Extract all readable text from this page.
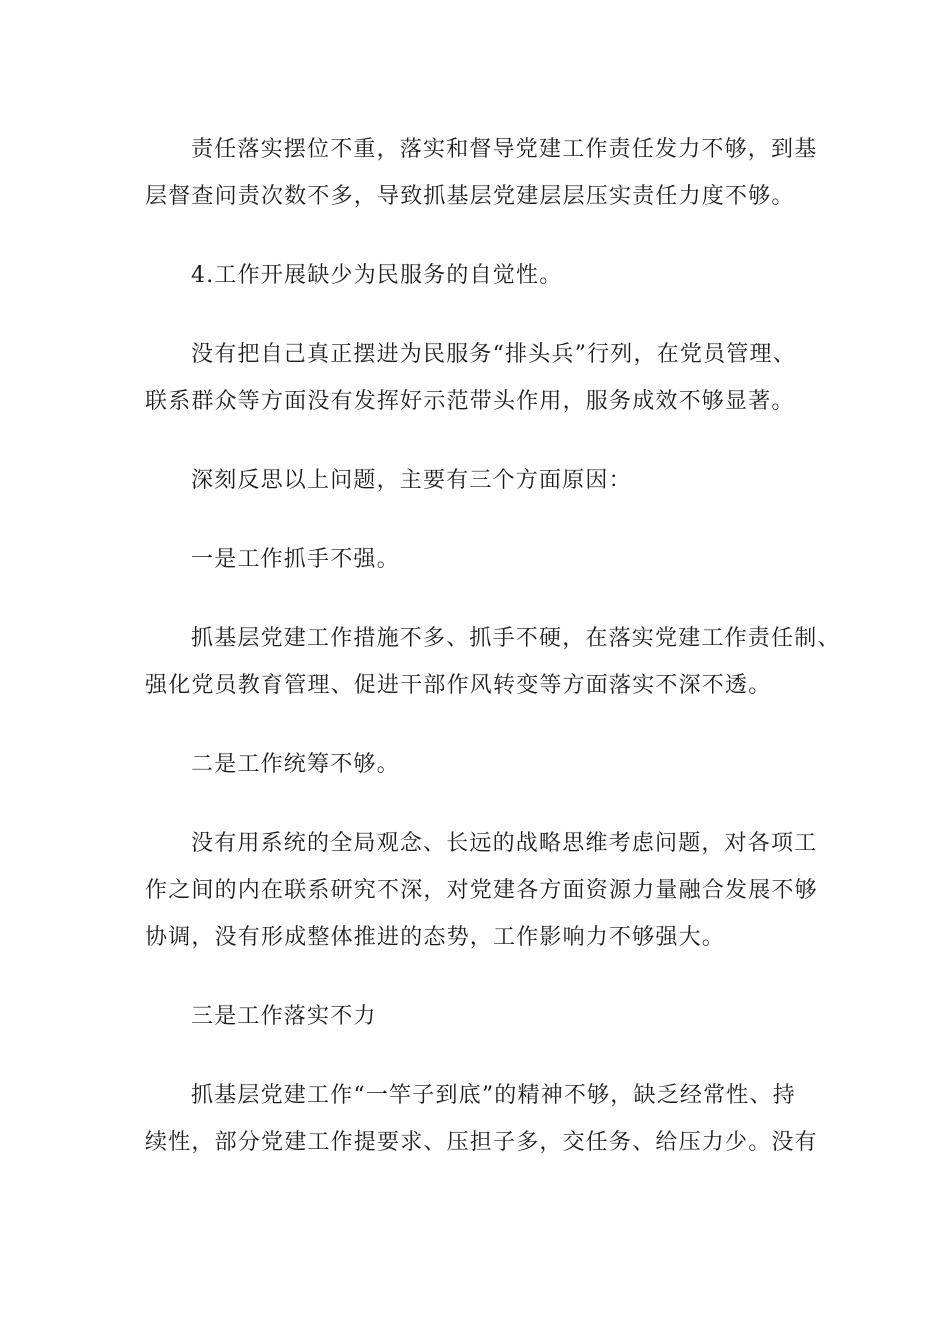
责任落实摆位不重，落实和督导党建工作责任发力不够，到基
层督查问责次数不多，导致抓基层党建层层压实责任力度不够。

4.工作开展缺少为民服务的自觉性。

没有把自己真正摆进为民服务“排头兵”行列，在党员管理、
联系群众等方面没有发挥好示范带头作用，服务成效不够显著。

深刻反思以上问题，主要有三个方面原因：

一是工作抓手不强。

抓基层党建工作措施不多、抓手不硬，在落实党建工作责任制、
强化党员教育管理、促进干部作风转变等方面落实不深不透。

二是工作统筹不够。

没有用系统的全局观念、长远的战略思维考虑问题，对各项工
作之间的内在联系研究不深，对党建各方面资源力量融合发展不够
协调，没有形成整体推进的态势，工作影响力不够强大。

三是工作落实不力

抓基层党建工作“一竿子到底”的精神不够，缺乏经常性、持
续性，部分党建工作提要求、压担子多，交任务、给压力少。没有
